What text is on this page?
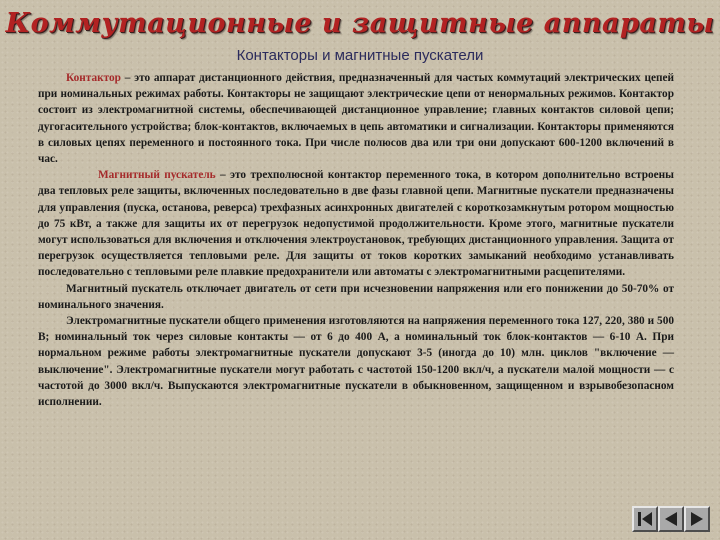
Коммутационные и защитные аппараты
Контакторы и магнитные пускатели

Контактор – это аппарат дистанционного действия, предназначенный для частых коммутаций электрических цепей при номинальных режимах работы. Контакторы не защищают электрические цепи от ненормальных режимов. Контактор состоит из электромагнитной системы, обеспечивающей дистанционное управление; главных контактов силовой цепи; дугогасительного устройства; блок-контактов, включаемых в цепь автоматики и сигнализации. Контакторы применяются в силовых цепях переменного и постоянного тока. При числе полюсов два или три они допускают 600-1200 включений в час.

Магнитный пускатель – это трехполюсной контактор переменного тока, в котором дополнительно встроены два тепловых реле защиты, включенных последовательно в две фазы главной цепи. Магнитные пускатели предназначены для управления (пуска, останова, реверса) трехфазных асинхронных двигателей с короткозамкнутым ротором мощностью до 75 кВт, а также для защиты их от перегрузок недопустимой продолжительности. Кроме этого, магнитные пускатели могут использоваться для включения и отключения электроустановок, требующих дистанционного управления. Защита от перегрузок осуществляется тепловыми реле. Для защиты от токов коротких замыканий необходимо устанавливать последовательно с тепловыми реле плавкие предохранители или автоматы с электромагнитными расцепителями.

Магнитный пускатель отключает двигатель от сети при исчезновении напряжения или его понижении до 50-70% от номинального значения.

Электромагнитные пускатели общего применения изготовляются на напряжения переменного тока 127, 220, 380 и 500 В; номинальный ток через силовые контакты — от 6 до 400 А, а номинальный ток блок-контактов — 6-10 А. При нормальном режиме работы электромагнитные пускатели допускают 3-5 (иногда до 10) млн. циклов "включение — выключение". Электромагнитные пускатели могут работать с частотой 150-1200 вкл/ч, а пускатели малой мощности — с частотой до 3000 вкл/ч. Выпускаются электромагнитные пускатели в обыкновенном, защищенном и взрывобезопасном исполнении.
